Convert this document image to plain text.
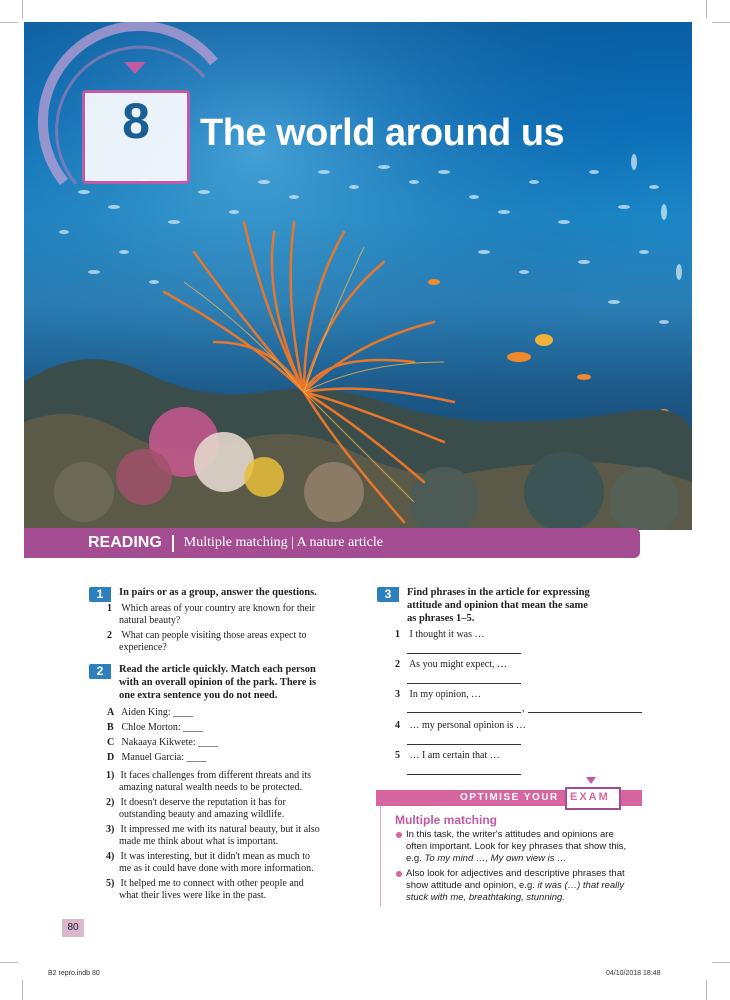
8	The world around us
READING Multiple matching | A nature article
1	In pairs or as a group, answer the questions.
1 Which areas of your country are known for their
natural beauty?
2 What can people visiting those areas expect to
experience?
2	Read the article quickly. Match each person
with an overall opinion of the park. There is
one extra sentence you do not need.
A Aiden King: ____
B Chloe Morton: ____
C Nakaaya Kikwete: ____
D Manuel Garcia: ____
1) It faces challenges from different threats and its
amazing natural wealth needs to be protected.
2) It doesn't deserve the reputation it has for
outstanding beauty and amazing wildlife.
3) It impressed me with its natural beauty, but it also
made me think about what is important.
4) It was interesting, but it didn't mean as much to
me as it could have done with more information.
5) It helped me to connect with other people and
what their lives were like in the past.
3	Find phrases in the article for expressing
attitude and opinion that mean the same
as phrases 1–5.
1 I thought it was …
2 As you might expect, …
3 In my opinion, …
,
4 … my personal opinion is …
5 … I am certain that …
OPTIMISE YOUR EXAM
Multiple matching
In this task, the writer's attitudes and opinions are
often important. Look for key phrases that show this,
e.g. To my mind …, My own view is …
Also look for adjectives and descriptive phrases that
show attitude and opinion, e.g. it was (…) that really
stuck with me, breathtaking, stunning.
80
B2 repro.indb 80	04/10/2018 18:48
